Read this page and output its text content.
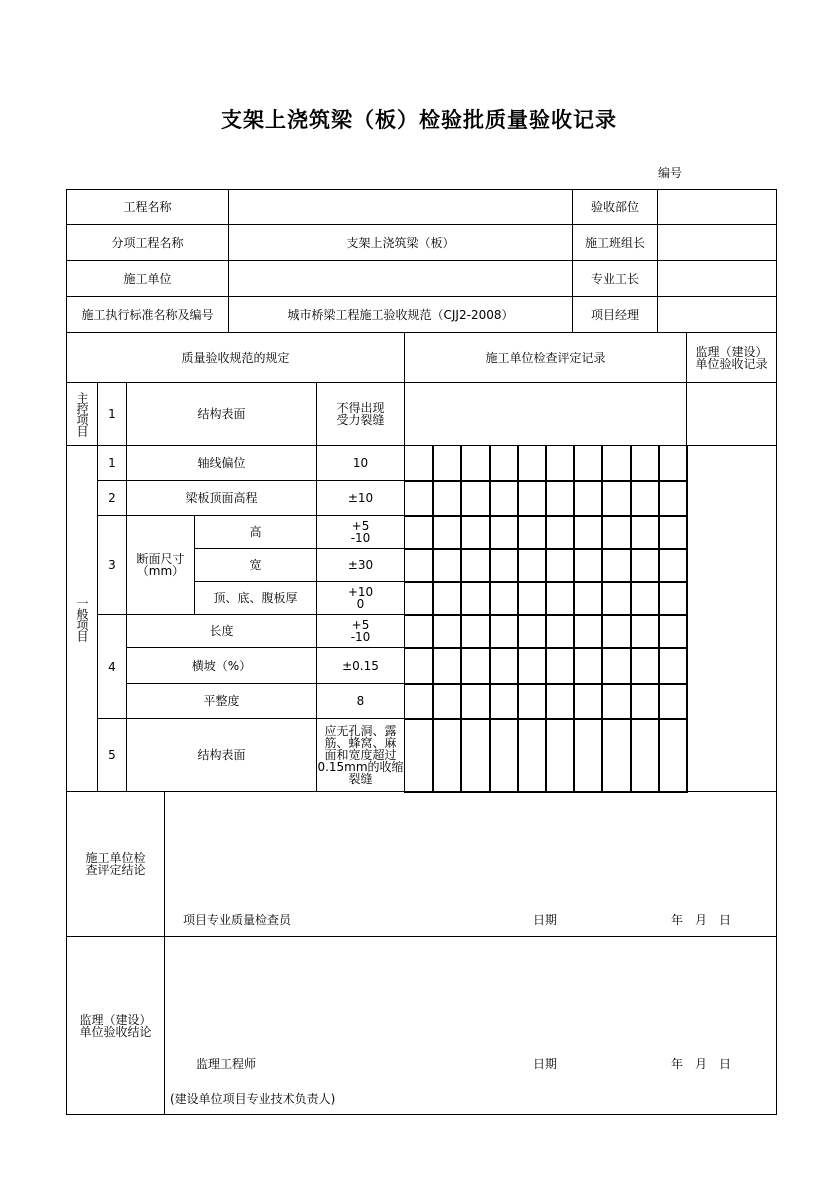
支架上浇筑梁（板）检验批质量验收记录
编号
工程名称	验收部位
分项工程名称	支架上浇筑梁（板）	施工班组长
施工单位	专业工长
施工执行标准名称及编号	城市桥梁工程施工验收规范（CJJ2-2008）	项目经理
质量验收规范的规定	施工单位检查评定记录	监理（建设）
单位验收记录
主控项目	1	结构表面	不得出现
受力裂缝
一般项目
1	轴线偏位	10
2	梁板顶面高程	±10
3	断面尺寸
（mm）
高	+5
-10
宽	±30
顶、底、腹板厚	+10
0
4
长度	+5
-10
横坡（%）	±0.15
平整度	8
5	结构表面
应无孔洞、露
筋、蜂窝、麻
面和宽度超过
0.15mm的收缩
裂缝
施工单位检
查评定结论
监理（建设）
单位验收结论
项目专业质量检查员	日期	年　月　日
监理工程师	日期	年　月　日
(建设单位项目专业技术负责人)
